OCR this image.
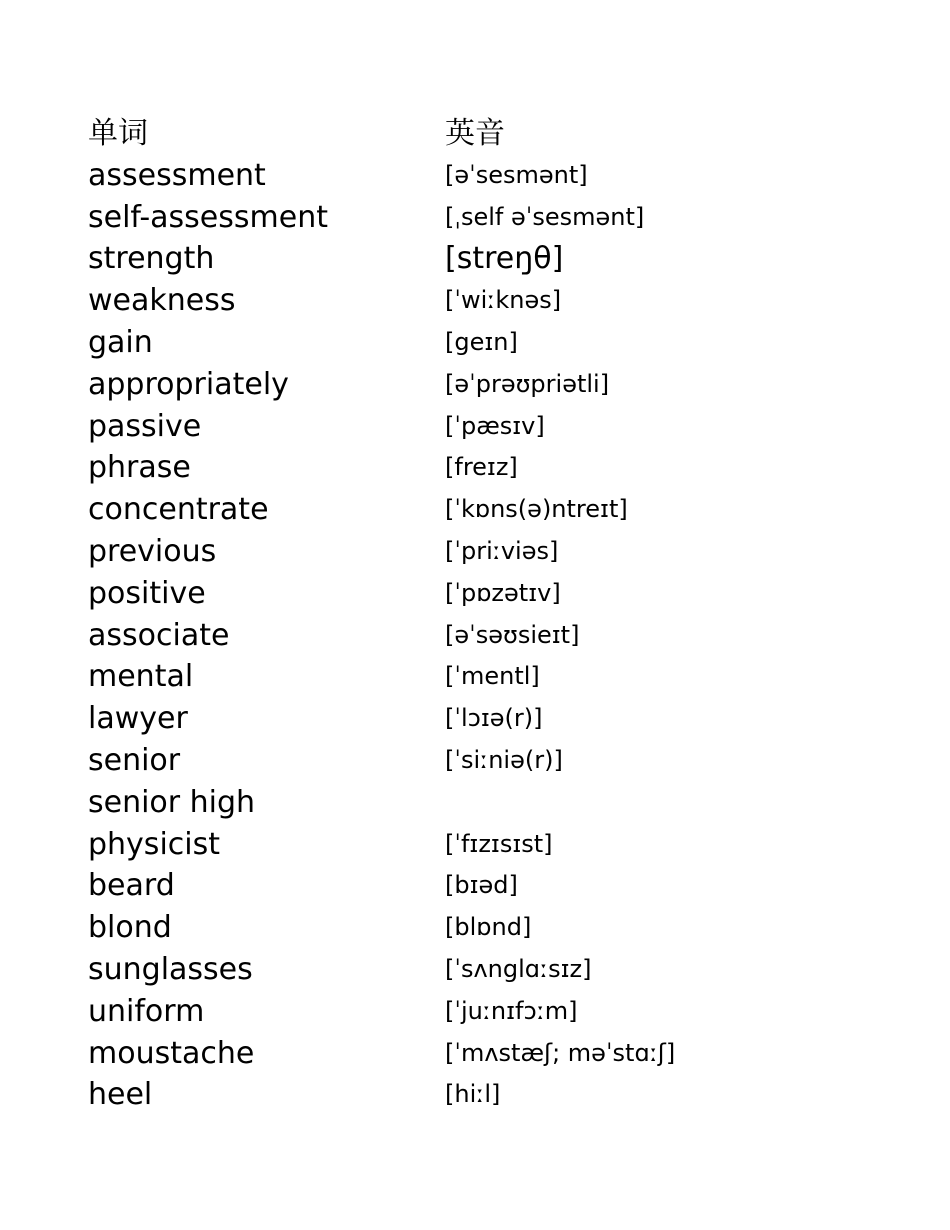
单词	英音
assessment	[əˈsesmənt]
self-assessment	[ˌself əˈsesmənt]
strength	[streŋθ]
weakness	[ˈwiːknəs]
gain	[geɪn]
appropriately	[əˈprəʊpriətli]
passive	[ˈpæsɪv]
phrase	[freɪz]
concentrate	[ˈkɒns(ə)ntreɪt]
previous	[ˈpriːviəs]
positive	[ˈpɒzətɪv]
associate	[əˈsəʊsieɪt]
mental	[ˈmentl]
lawyer	[ˈlɔɪə(r)]
senior	[ˈsiːniə(r)]
senior high
physicist	[ˈfɪzɪsɪst]
beard	[bɪəd]
blond	[blɒnd]
sunglasses	[ˈsʌnglɑːsɪz]
uniform	[ˈjuːnɪfɔːm]
moustache	[ˈmʌstæʃ; məˈstɑːʃ]
heel	[hiːl]
